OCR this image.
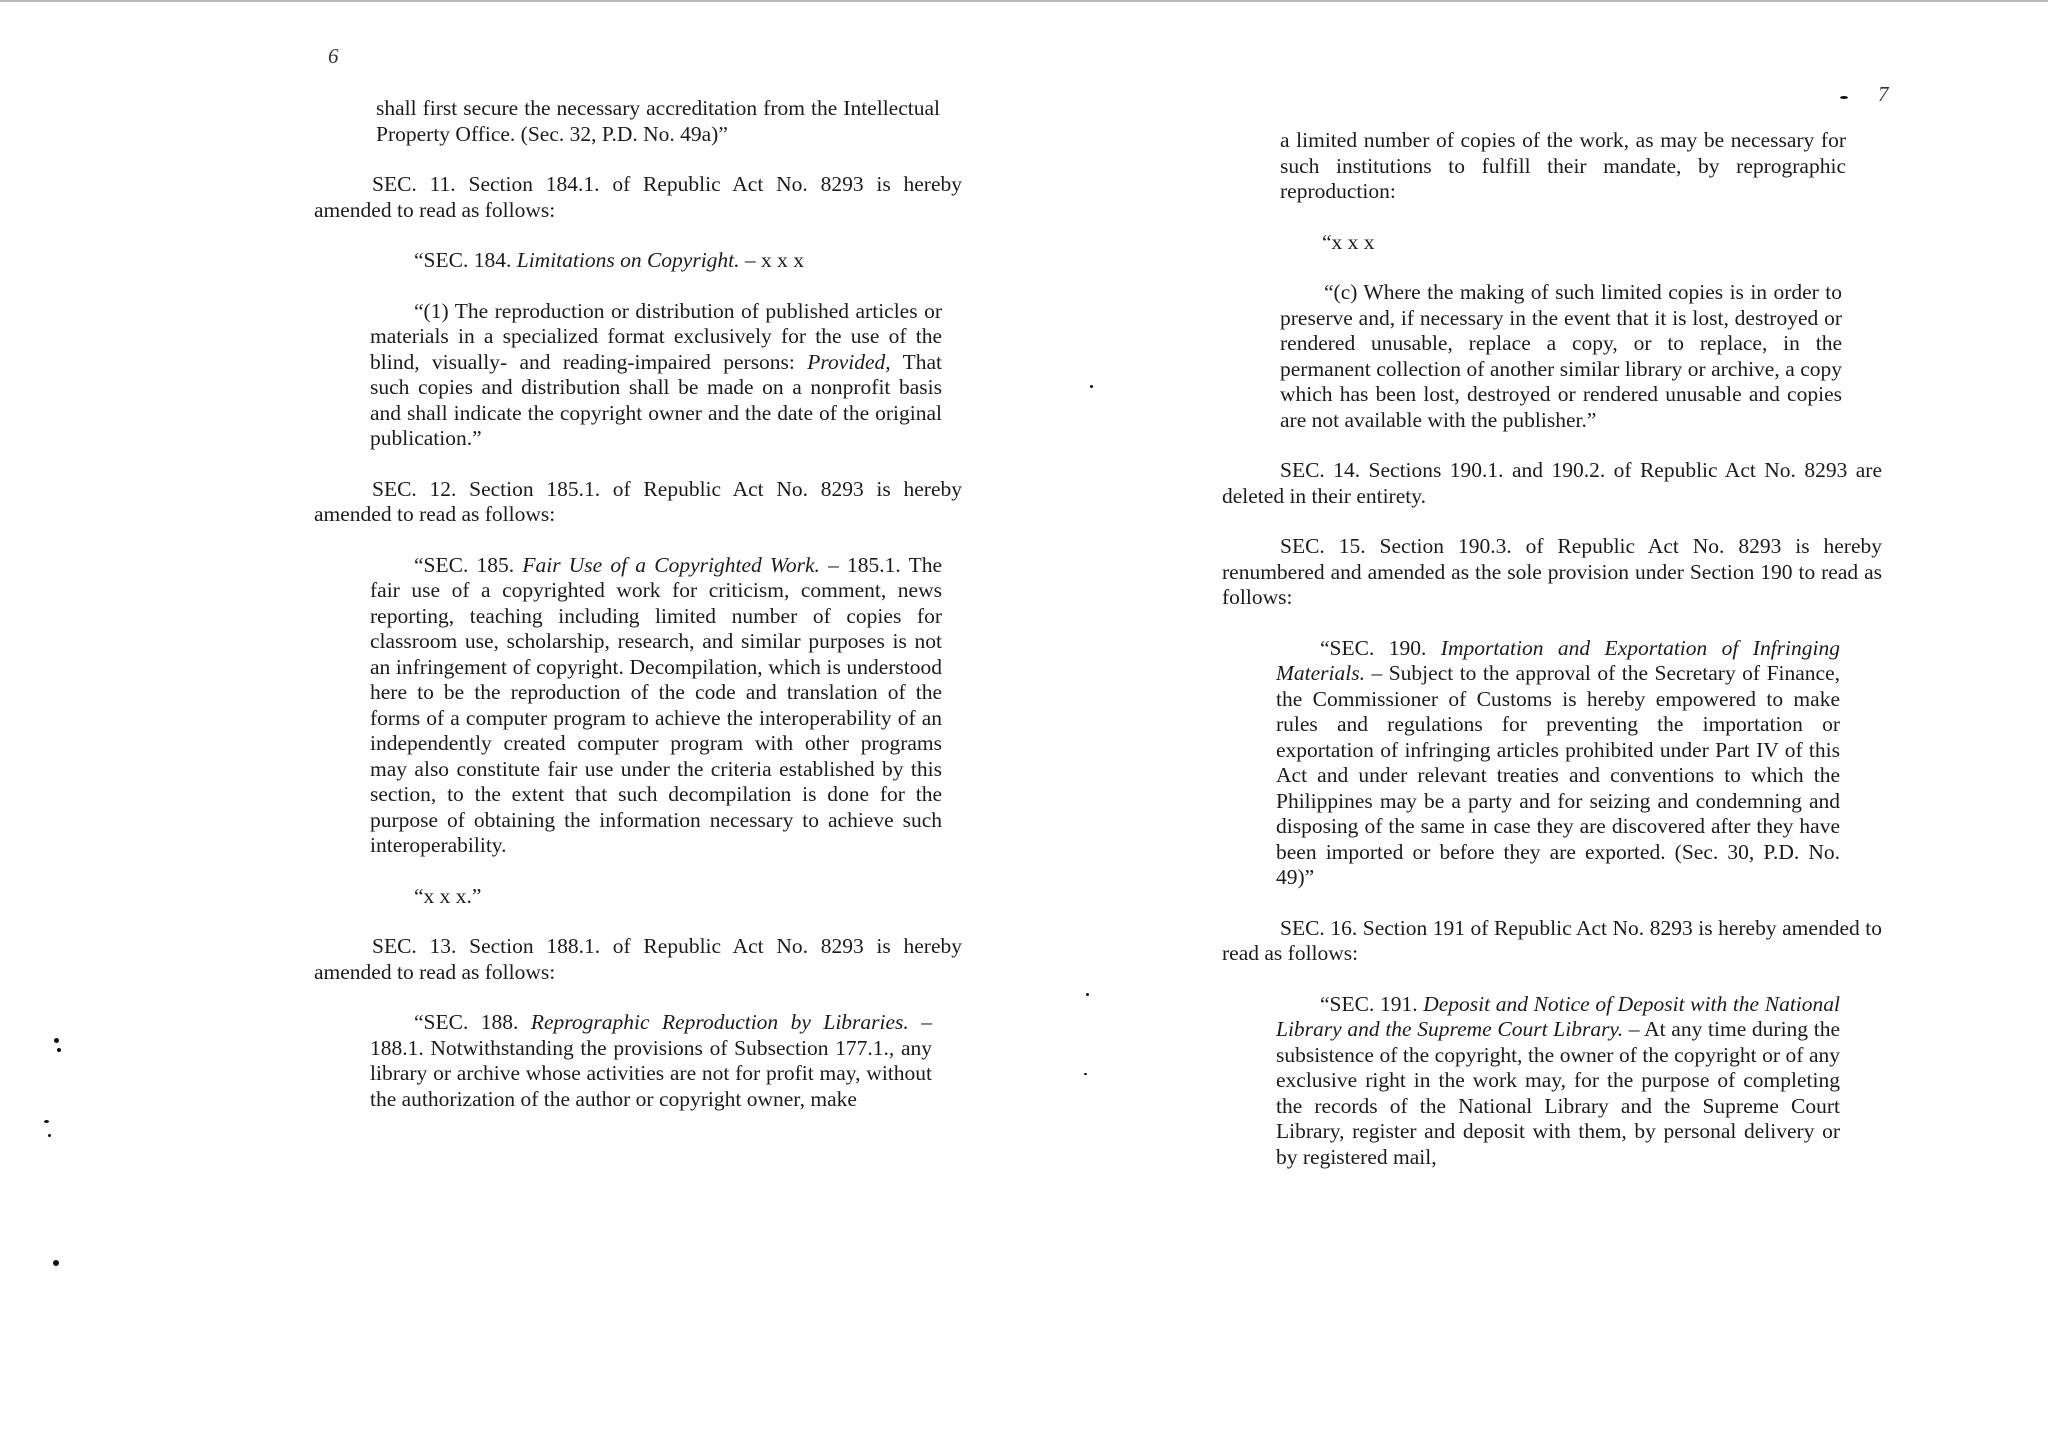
6

shall first secure the necessary accreditation from the Intellectual Property Office. (Sec. 32, P.D. No. 49a)”

SEC. 11. Section 184.1. of Republic Act No. 8293 is hereby amended to read as follows:

“SEC. 184. Limitations on Copyright. – x x x

“(1) The reproduction or distribution of published articles or materials in a specialized format exclusively for the use of the blind, visually- and reading-impaired persons: Provided, That such copies and distribution shall be made on a nonprofit basis and shall indicate the copyright owner and the date of the original publication.”

SEC. 12. Section 185.1. of Republic Act No. 8293 is hereby amended to read as follows:

“SEC. 185. Fair Use of a Copyrighted Work. – 185.1. The fair use of a copyrighted work for criticism, comment, news reporting, teaching including limited number of copies for classroom use, scholarship, research, and similar purposes is not an infringement of copyright. Decompilation, which is understood here to be the reproduction of the code and translation of the forms of a computer program to achieve the interoperability of an independently created computer program with other programs may also constitute fair use under the criteria established by this section, to the extent that such decompilation is done for the purpose of obtaining the information necessary to achieve such interoperability.

“x x x.”

SEC. 13. Section 188.1. of Republic Act No. 8293 is hereby amended to read as follows:

“SEC. 188. Reprographic Reproduction by Libraries. – 188.1. Notwithstanding the provisions of Subsection 177.1., any library or archive whose activities are not for profit may, without the authorization of the author or copyright owner, make

7

a limited number of copies of the work, as may be necessary for such institutions to fulfill their mandate, by reprographic reproduction:

“x x x

“(c) Where the making of such limited copies is in order to preserve and, if necessary in the event that it is lost, destroyed or rendered unusable, replace a copy, or to replace, in the permanent collection of another similar library or archive, a copy which has been lost, destroyed or rendered unusable and copies are not available with the publisher.”

SEC. 14. Sections 190.1. and 190.2. of Republic Act No. 8293 are deleted in their entirety.

SEC. 15. Section 190.3. of Republic Act No. 8293 is hereby renumbered and amended as the sole provision under Section 190 to read as follows:

“SEC. 190. Importation and Exportation of Infringing Materials. – Subject to the approval of the Secretary of Finance, the Commissioner of Customs is hereby empowered to make rules and regulations for preventing the importation or exportation of infringing articles prohibited under Part IV of this Act and under relevant treaties and conventions to which the Philippines may be a party and for seizing and condemning and disposing of the same in case they are discovered after they have been imported or before they are exported. (Sec. 30, P.D. No. 49)”

SEC. 16. Section 191 of Republic Act No. 8293 is hereby amended to read as follows:

“SEC. 191. Deposit and Notice of Deposit with the National Library and the Supreme Court Library. – At any time during the subsistence of the copyright, the owner of the copyright or of any exclusive right in the work may, for the purpose of completing the records of the National Library and the Supreme Court Library, register and deposit with them, by personal delivery or by registered mail,
